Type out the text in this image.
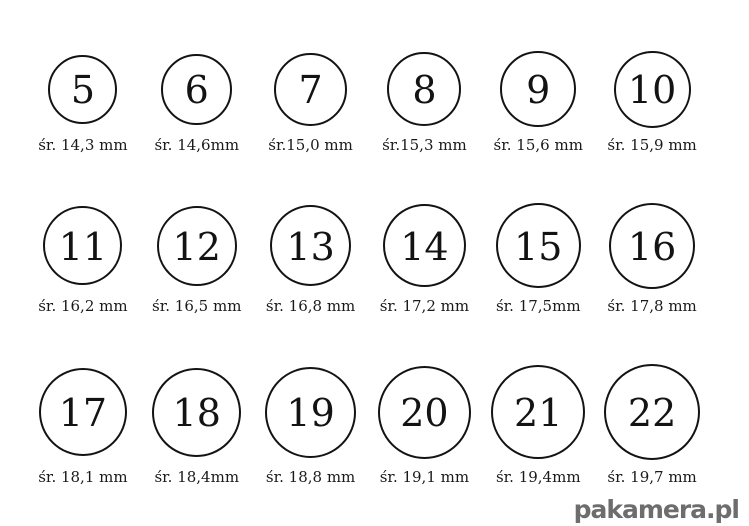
5
śr. 14,3 mm
6
śr. 14,6mm
7
śr.15,0 mm
8
śr.15,3 mm
9
śr. 15,6 mm
10
śr. 15,9 mm
11
śr. 16,2 mm
12
śr. 16,5 mm
13
śr. 16,8 mm
14
śr. 17,2 mm
15
śr. 17,5mm
16
śr. 17,8 mm
17
śr. 18,1 mm
18
śr. 18,4mm
19
śr. 18,8 mm
20
śr. 19,1 mm
21
śr. 19,4mm
22
śr. 19,7 mm
pakamera.pl
